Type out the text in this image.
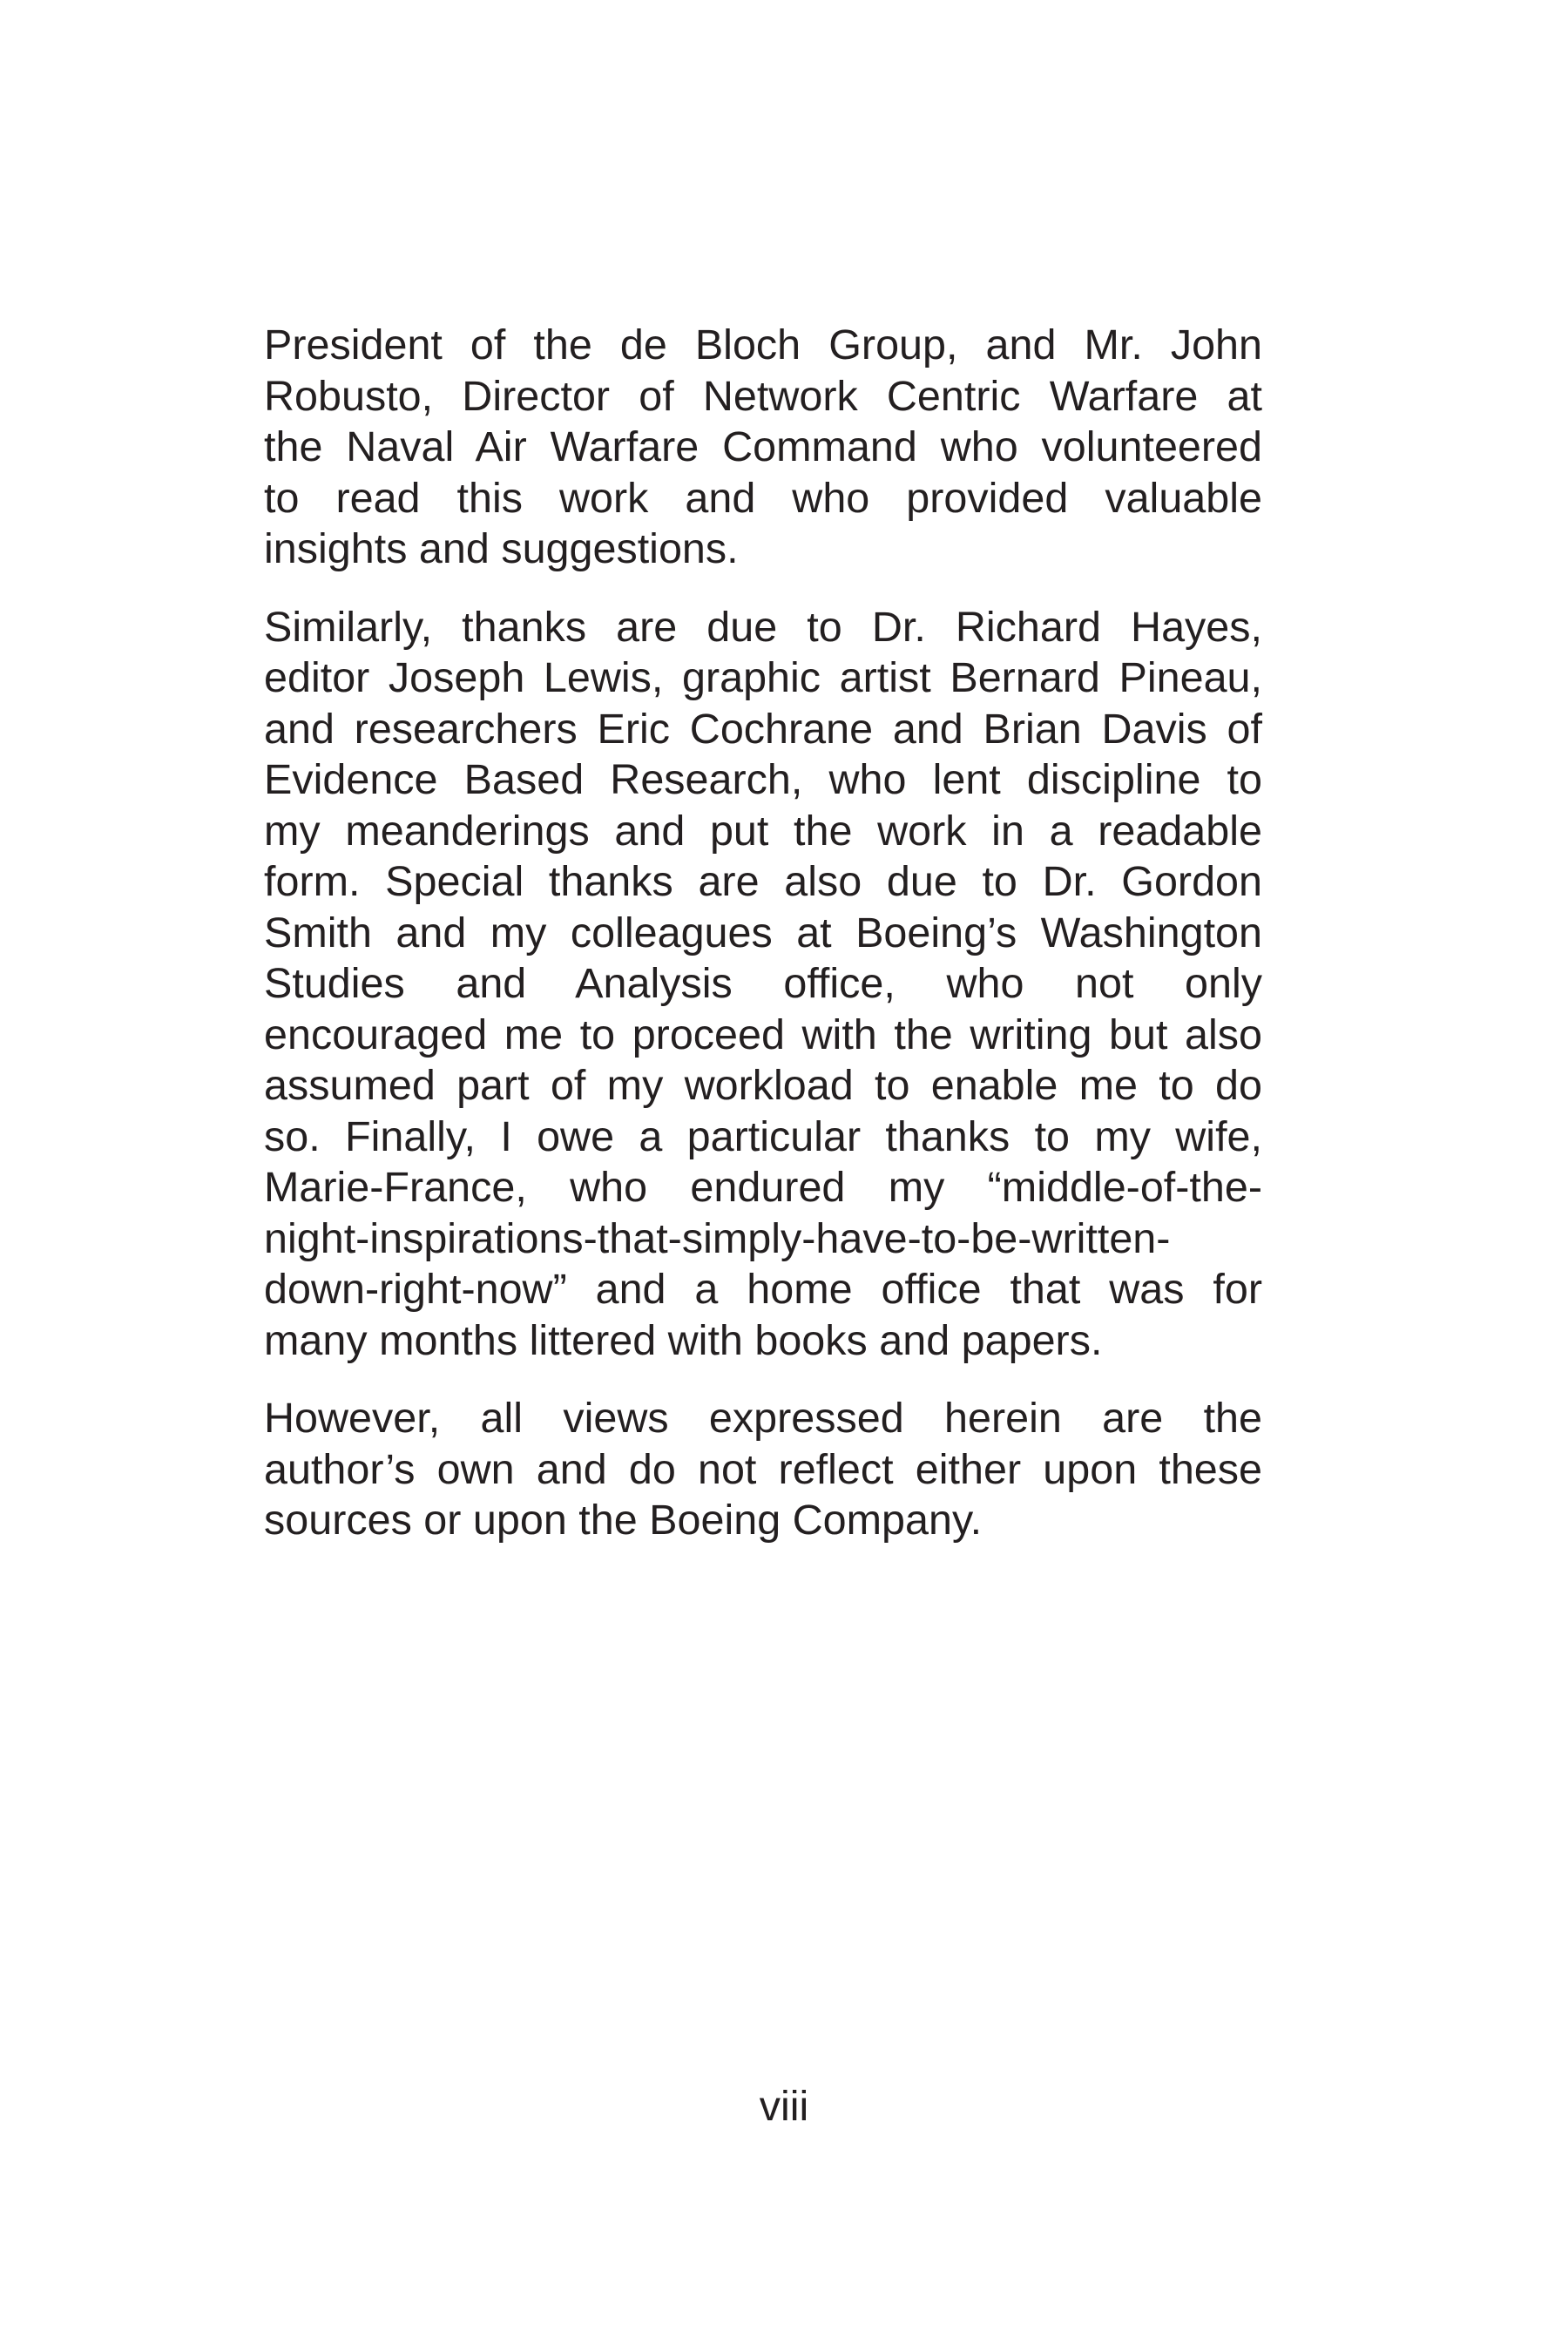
President of the de Bloch Group, and Mr. John
Robusto, Director of Network Centric Warfare at
the Naval Air Warfare Command who volunteered
to read this work and who provided valuable
insights and suggestions.

Similarly, thanks are due to Dr. Richard Hayes,
editor Joseph Lewis, graphic artist Bernard Pineau,
and researchers Eric Cochrane and Brian Davis of
Evidence Based Research, who lent discipline to
my meanderings and put the work in a readable
form. Special thanks are also due to Dr. Gordon
Smith and my colleagues at Boeing’s Washington
Studies and Analysis office, who not only
encouraged me to proceed with the writing but also
assumed part of my workload to enable me to do
so. Finally, I owe a particular thanks to my wife,
Marie-France, who endured my “middle-of-the-
night-inspirations-that-simply-have-to-be-written-
down-right-now” and a home office that was for
many months littered with books and papers.

However, all views expressed herein are the
author’s own and do not reflect either upon these
sources or upon the Boeing Company.

viii
